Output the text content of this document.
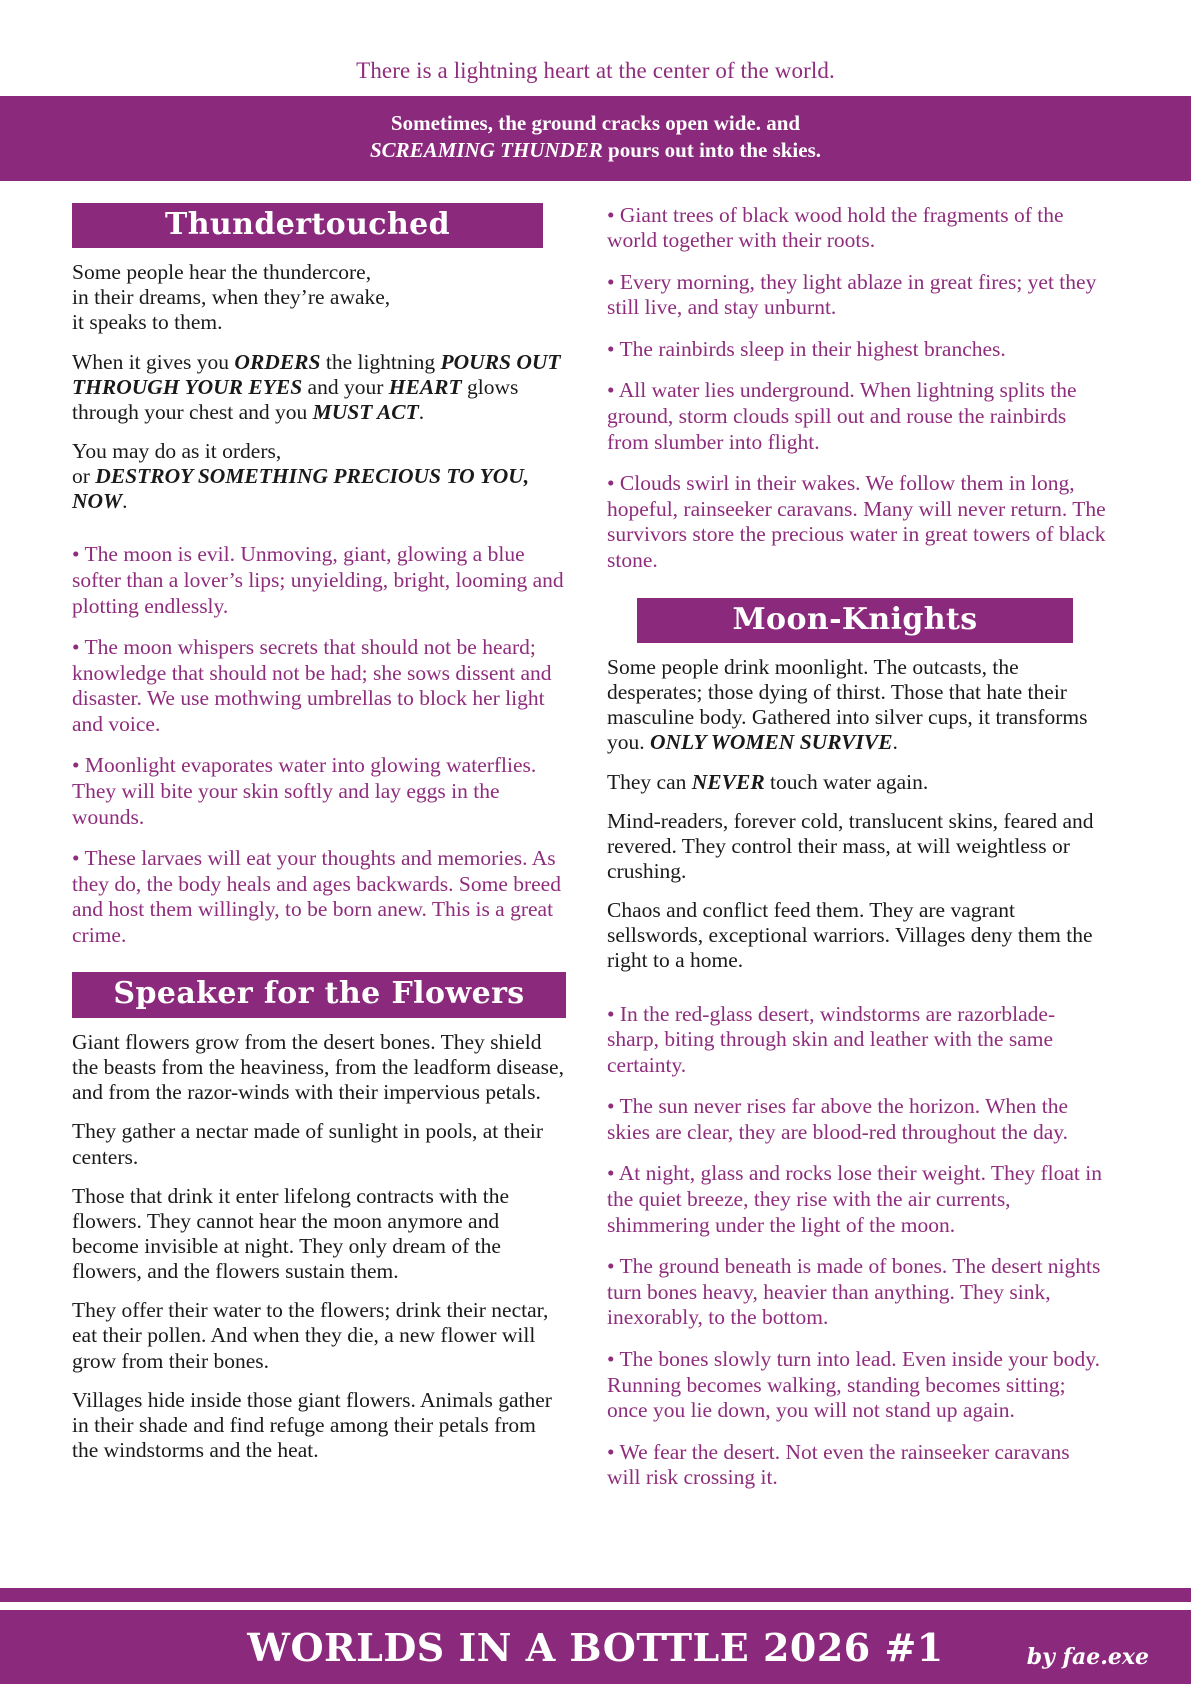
There is a lightning heart at the center of the world.
Sometimes, the ground cracks open wide. and
SCREAMING THUNDER pours out into the skies.
Thundertouched

Some people hear the thundercore,
in their dreams, when they’re awake,
it speaks to them.

When it gives you ORDERS the lightning POURS OUT THROUGH YOUR EYES and your HEART glows through your chest and you MUST ACT.

You may do as it orders,
or DESTROY SOMETHING PRECIOUS TO YOU, NOW.

• The moon is evil. Unmoving, giant, glowing a blue softer than a lover’s lips; unyielding, bright, looming and plotting endlessly.

• The moon whispers secrets that should not be heard; knowledge that should not be had; she sows dissent and disaster. We use mothwing umbrellas to block her light and voice.

• Moonlight evaporates water into glowing waterflies. They will bite your skin softly and lay eggs in the wounds.

• These larvaes will eat your thoughts and memories. As they do, the body heals and ages backwards. Some breed and host them willingly, to be born anew. This is a great crime.

Speaker for the Flowers

Giant flowers grow from the desert bones. They shield the beasts from the heaviness, from the leadform disease, and from the razor-winds with their impervious petals.

They gather a nectar made of sunlight in pools, at their centers.

Those that drink it enter lifelong contracts with the flowers. They cannot hear the moon anymore and become invisible at night. They only dream of the flowers, and the flowers sustain them.

They offer their water to the flowers; drink their nectar, eat their pollen. And when they die, a new flower will grow from their bones.

Villages hide inside those giant flowers. Animals gather in their shade and find refuge among their petals from the windstorms and the heat.

• Giant trees of black wood hold the fragments of the world together with their roots.

• Every morning, they light ablaze in great fires; yet they still live, and stay unburnt.

• The rainbirds sleep in their highest branches.

• All water lies underground. When lightning splits the ground, storm clouds spill out and rouse the rainbirds from slumber into flight.

• Clouds swirl in their wakes. We follow them in long, hopeful, rainseeker caravans. Many will never return. The survivors store the precious water in great towers of black stone.

Moon-Knights

Some people drink moonlight. The outcasts, the desperates; those dying of thirst. Those that hate their masculine body. Gathered into silver cups, it transforms you. ONLY WOMEN SURVIVE.

They can NEVER touch water again.

Mind-readers, forever cold, translucent skins, feared and revered. They control their mass, at will weightless or crushing.

Chaos and conflict feed them. They are vagrant sellswords, exceptional warriors. Villages deny them the right to a home.

• In the red-glass desert, windstorms are razorblade-sharp, biting through skin and leather with the same certainty.

• The sun never rises far above the horizon. When the skies are clear, they are blood-red throughout the day.

• At night, glass and rocks lose their weight. They float in the quiet breeze, they rise with the air currents, shimmering under the light of the moon.

• The ground beneath is made of bones. The desert nights turn bones heavy, heavier than anything. They sink, inexorably, to the bottom.

• The bones slowly turn into lead. Even inside your body. Running becomes walking, standing becomes sitting; once you lie down, you will not stand up again.

• We fear the desert. Not even the rainseeker caravans will risk crossing it.

WORLDS IN A BOTTLE 2026 #1	by fae.exe
